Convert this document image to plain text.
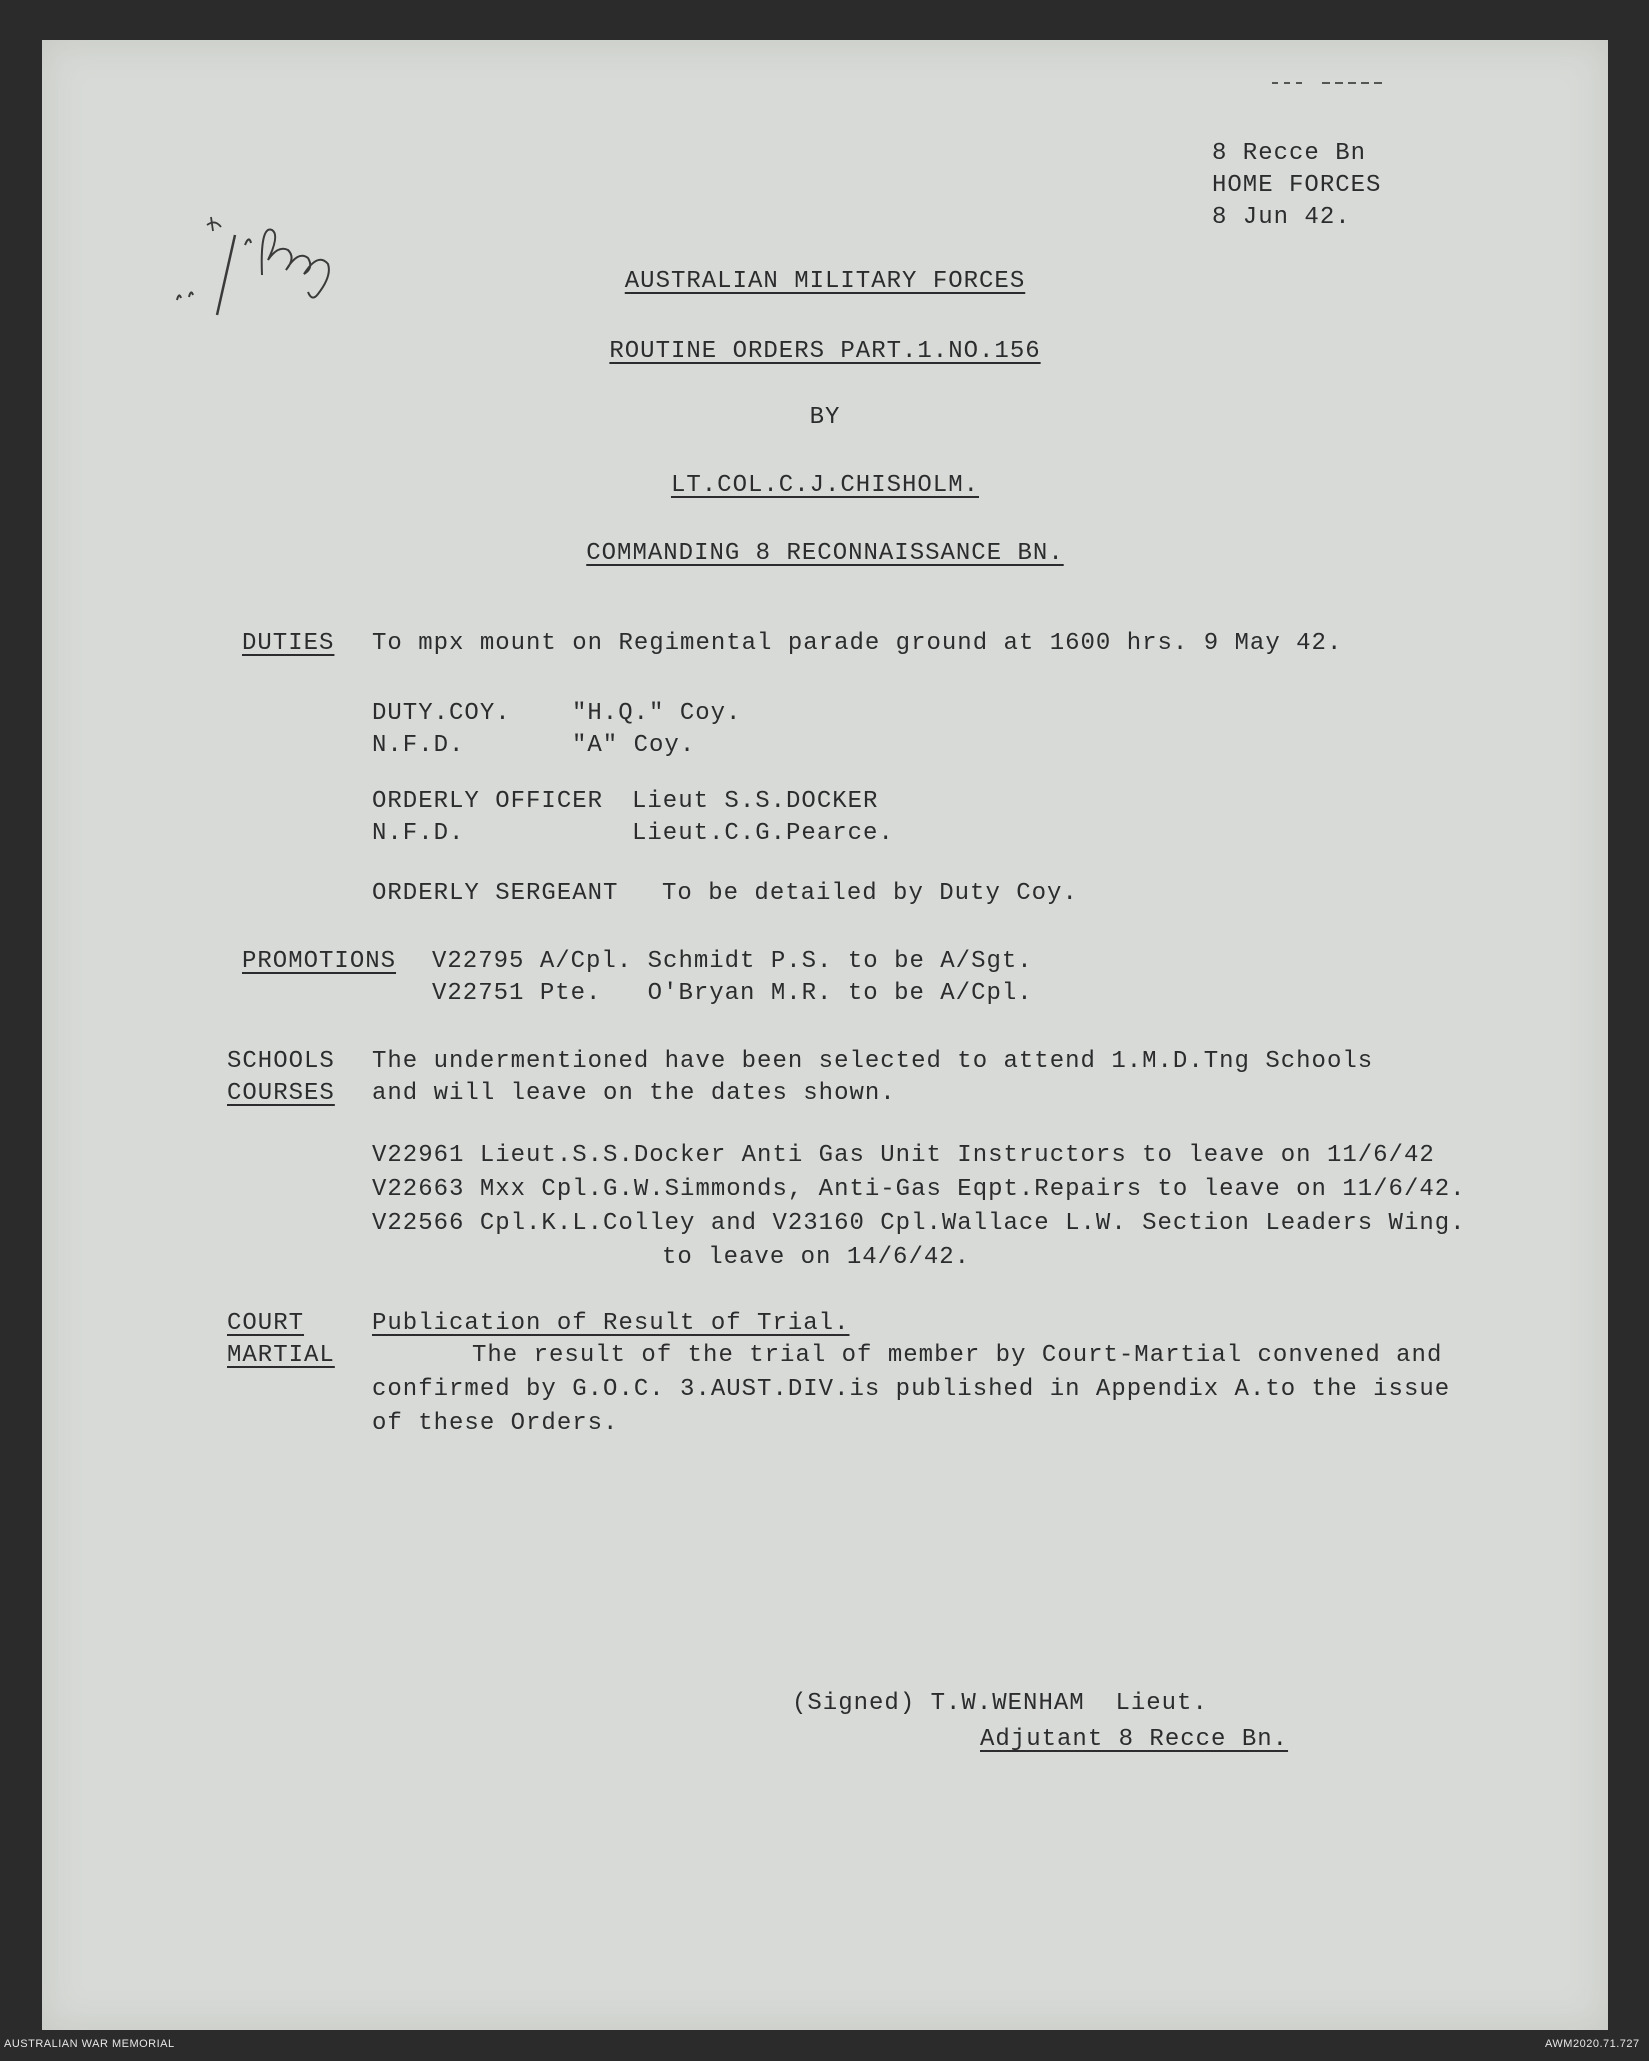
8 Recce Bn
HOME FORCES
8 Jun 42.
AUSTRALIAN MILITARY FORCES
ROUTINE ORDERS PART.1.NO.156
BY
LT.COL.C.J.CHISHOLM.
COMMANDING 8 RECONNAISSANCE BN.
DUTIES To mpx mount on Regimental parade ground at 1600 hrs. 9 May 42.
DUTY.COY.	"H.Q." Coy.
N.F.D.	"A" Coy.
ORDERLY OFFICER Lieut S.S.DOCKER
N.F.D.	Lieut.C.G.Pearce.
ORDERLY SERGEANT To be detailed by Duty Coy.
PROMOTIONS V22795 A/Cpl. Schmidt P.S. to be A/Sgt.
V22751 Pte.   O'Bryan M.R. to be A/Cpl.
SCHOOLS
COURSES
The undermentioned have been selected to attend 1.M.D.Tng Schools
and will leave on the dates shown.
V22961 Lieut.S.S.Docker Anti Gas Unit Instructors to leave on 11/6/42
V22663 Mxx Cpl.G.W.Simmonds, Anti-Gas Eqpt.Repairs to leave on 11/6/42.
V22566 Cpl.K.L.Colley and V23160 Cpl.Wallace L.W. Section Leaders Wing.
to leave on 14/6/42.
COURT
MARTIAL
Publication of Result of Trial.
The result of the trial of member by Court-Martial convened and
confirmed by G.O.C. 3.AUST.DIV.is published in Appendix A.to the issue
of these Orders.
(Signed) T.W.WENHAM  Lieut.
Adjutant 8 Recce Bn.
AUSTRALIAN WAR MEMORIAL	AWM2020.71.727
